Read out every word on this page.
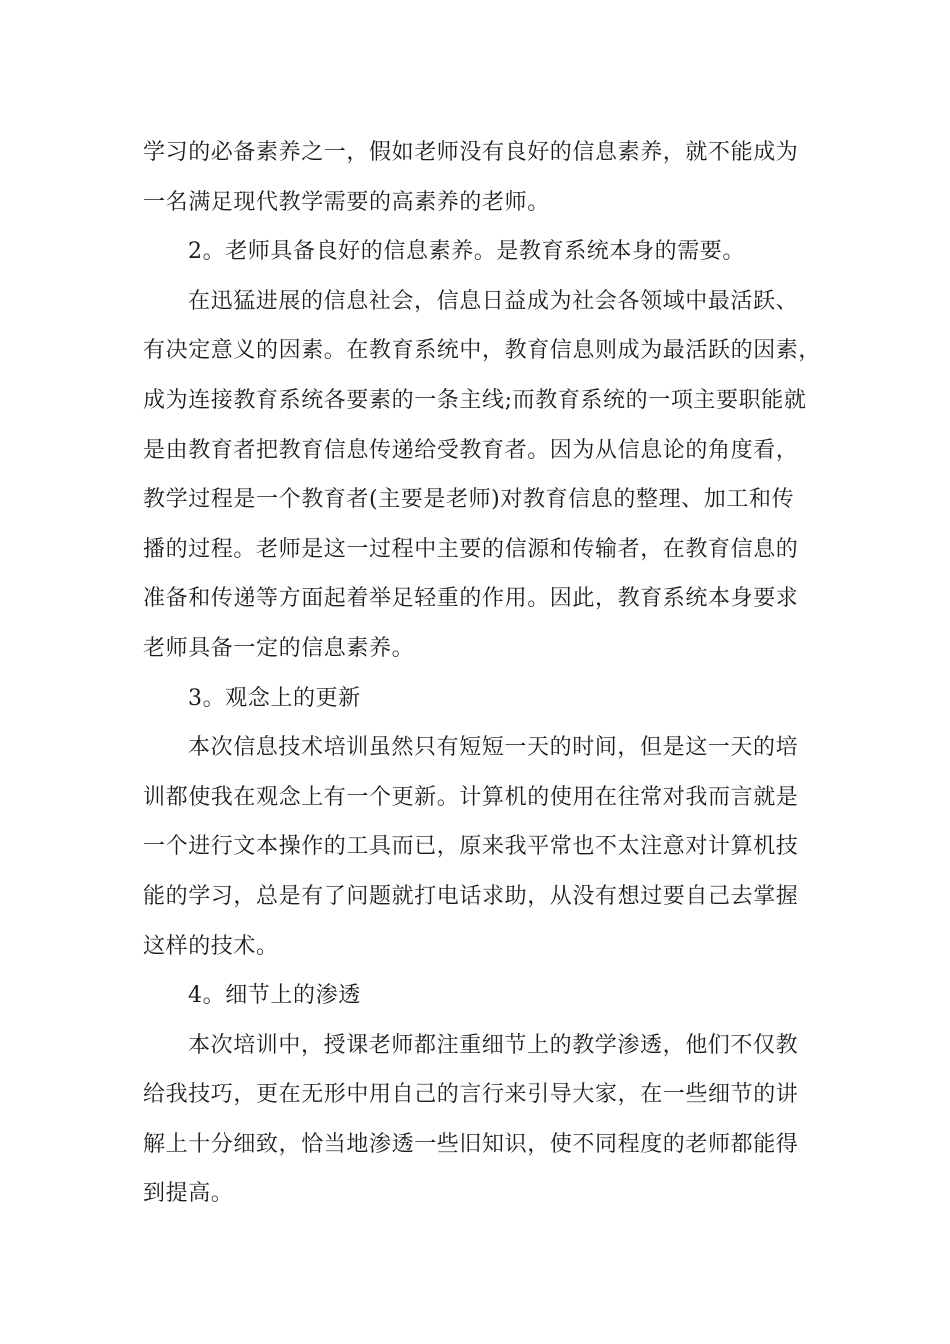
学习的必备素养之一，假如老师没有良好的信息素养，就不能成为
一名满足现代教学需要的高素养的老师。
2。老师具备良好的信息素养。是教育系统本身的需要。
在迅猛进展的信息社会，信息日益成为社会各领域中最活跃、
有决定意义的因素。在教育系统中，教育信息则成为最活跃的因素，
成为连接教育系统各要素的一条主线;而教育系统的一项主要职能就
是由教育者把教育信息传递给受教育者。因为从信息论的角度看，
教学过程是一个教育者(主要是老师)对教育信息的整理、加工和传
播的过程。老师是这一过程中主要的信源和传输者，在教育信息的
准备和传递等方面起着举足轻重的作用。因此，教育系统本身要求
老师具备一定的信息素养。
3。观念上的更新
本次信息技术培训虽然只有短短一天的时间，但是这一天的培
训都使我在观念上有一个更新。计算机的使用在往常对我而言就是
一个进行文本操作的工具而已，原来我平常也不太注意对计算机技
能的学习，总是有了问题就打电话求助，从没有想过要自己去掌握
这样的技术。
4。细节上的渗透
本次培训中，授课老师都注重细节上的教学渗透，他们不仅教
给我技巧，更在无形中用自己的言行来引导大家，在一些细节的讲
解上十分细致，恰当地渗透一些旧知识，使不同程度的老师都能得
到提高。
